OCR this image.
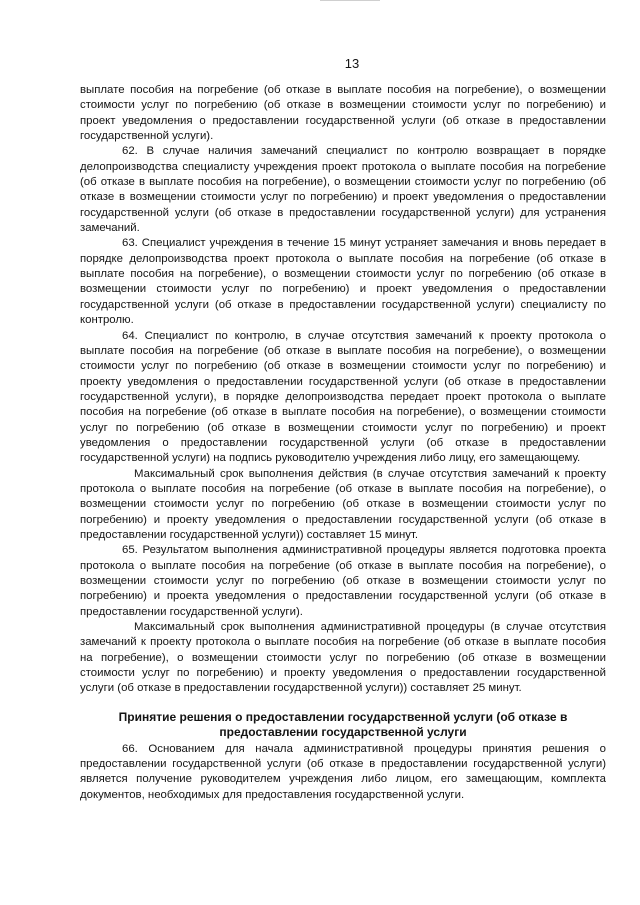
13

выплате пособия на погребение (об отказе в выплате пособия на погребение), о возмещении стоимости услуг по погребению (об отказе в возмещении стоимости услуг по погребению) и проект уведомления о предоставлении государственной услуги (об отказе в предоставлении государственной услуги).

62. В случае наличия замечаний специалист по контролю возвращает в порядке делопроизводства специалисту учреждения проект протокола о выплате пособия на погребение (об отказе в выплате пособия на погребение), о возмещении стоимости услуг по погребению (об отказе в возмещении стоимости услуг по погребению) и проект уведомления о предоставлении государственной услуги (об отказе в предоставлении государственной услуги) для устранения замечаний.

63. Специалист учреждения в течение 15 минут устраняет замечания и вновь передает в порядке делопроизводства проект протокола о выплате пособия на погребение (об отказе в выплате пособия на погребение), о возмещении стоимости услуг по погребению (об отказе в возмещении стоимости услуг по погребению) и проект уведомления о предоставлении государственной услуги (об отказе в предоставлении государственной услуги) специалисту по контролю.

64. Специалист по контролю, в случае отсутствия замечаний к проекту протокола о выплате пособия на погребение (об отказе в выплате пособия на погребение), о возмещении стоимости услуг по погребению (об отказе в возмещении стоимости услуг по погребению) и проекту уведомления о предоставлении государственной услуги (об отказе в предоставлении государственной услуги), в порядке делопроизводства передает проект протокола о выплате пособия на погребение (об отказе в выплате пособия на погребение), о возмещении стоимости услуг по погребению (об отказе в возмещении стоимости услуг по погребению) и проект уведомления о предоставлении государственной услуги (об отказе в предоставлении государственной услуги) на подпись руководителю учреждения либо лицу, его замещающему.

Максимальный срок выполнения действия (в случае отсутствия замечаний к проекту протокола о выплате пособия на погребение (об отказе в выплате пособия на погребение), о возмещении стоимости услуг по погребению (об отказе в возмещении стоимости услуг по погребению) и проекту уведомления о предоставлении государственной услуги (об отказе в предоставлении государственной услуги)) составляет 15 минут.

65. Результатом выполнения административной процедуры является подготовка проекта протокола о выплате пособия на погребение (об отказе в выплате пособия на погребение), о возмещении стоимости услуг по погребению (об отказе в возмещении стоимости услуг по погребению) и проекта уведомления о предоставлении государственной услуги (об отказе в предоставлении государственной услуги).

Максимальный срок выполнения административной процедуры (в случае отсутствия замечаний к проекту протокола о выплате пособия на погребение (об отказе в выплате пособия на погребение), о возмещении стоимости услуг по погребению (об отказе в возмещении стоимости услуг по погребению) и проекту уведомления о предоставлении государственной услуги (об отказе в предоставлении государственной услуги)) составляет 25 минут.

Принятие решения о предоставлении государственной услуги (об отказе в предоставлении государственной услуги

66. Основанием для начала административной процедуры принятия решения о предоставлении государственной услуги (об отказе в предоставлении государственной услуги) является получение руководителем учреждения либо лицом, его замещающим, комплекта документов, необходимых для предоставления государственной услуги.
